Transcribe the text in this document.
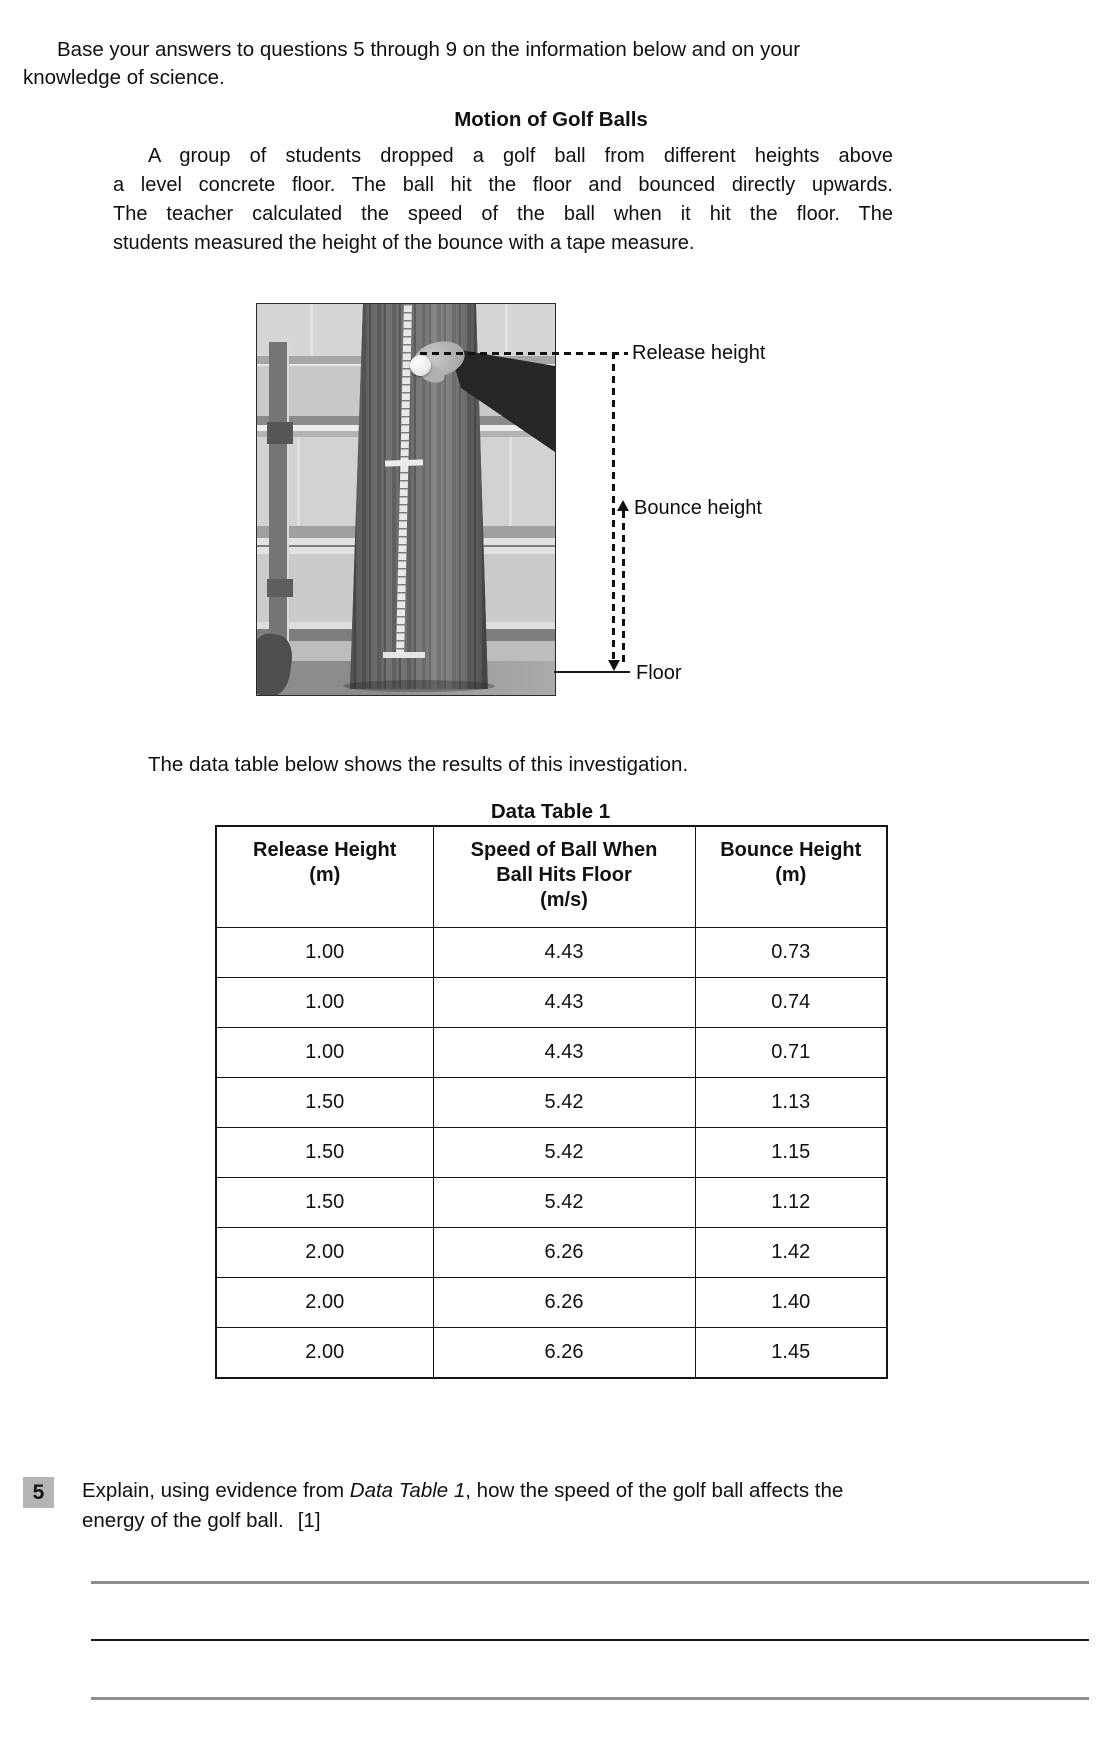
Base your answers to questions 5 through 9 on the information below and on your
knowledge of science.
Motion of Golf Balls
A group of students dropped a golf ball from different heights above
a level concrete floor. The ball hit the floor and bounced directly upwards.
The teacher calculated the speed of the ball when it hit the floor. The
students measured the height of the bounce with a tape measure.
Release height
Bounce height
Floor
The data table below shows the results of this investigation.
Data Table 1
Release Height
(m)

Speed of Ball When
Ball Hits Floor
(m/s)

Bounce Height
(m)

1.00	4.43	0.73
1.00	4.43	0.74
1.00	4.43	0.71
1.50	5.42	1.13
1.50	5.42	1.15
1.50	5.42	1.12
2.00	6.26	1.42
2.00	6.26	1.40
2.00	6.26	1.45
5	Explain, using evidence from Data Table 1, how the speed of the golf ball affects the
energy of the golf ball. [1]
